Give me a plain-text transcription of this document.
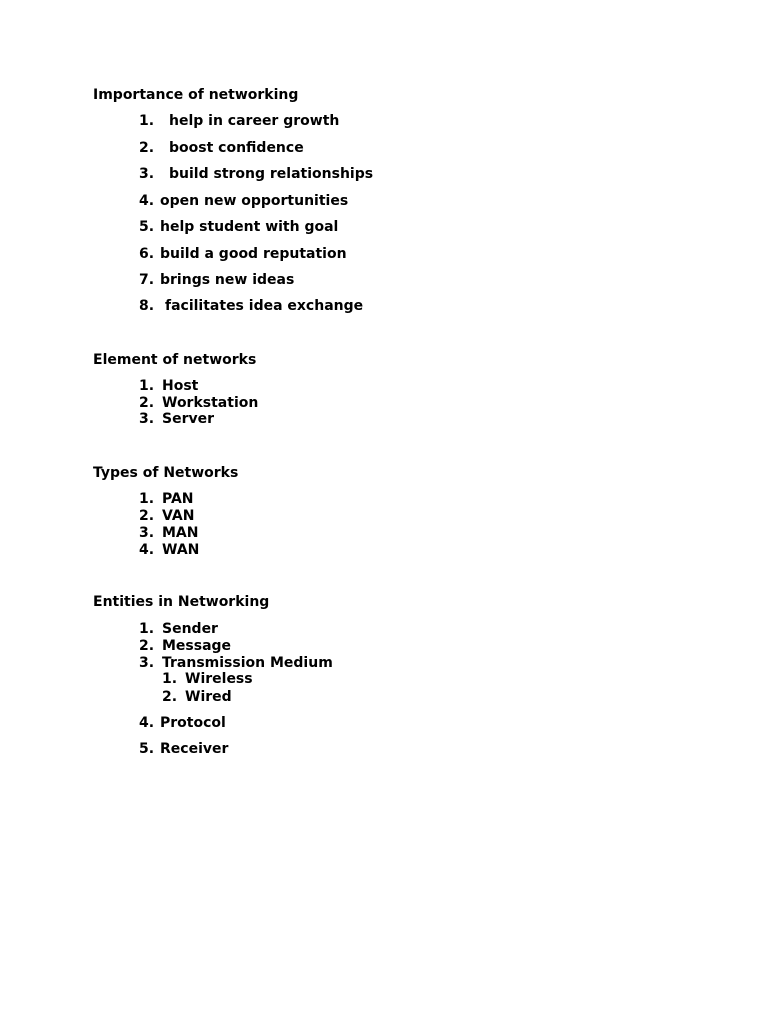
Importance of networking
1. help in career growth
2. boost confidence
3. build strong relationships
4. open new opportunities
5. help student with goal
6. build a good reputation
7. brings new ideas
8. facilitates idea exchange
Element of networks
1. Host
2. Workstation
3. Server
Types of Networks
1. PAN
2. VAN
3. MAN
4. WAN
Entities in Networking
1. Sender
2. Message
3. Transmission Medium
1. Wireless
2. Wired
4. Protocol
5. Receiver
